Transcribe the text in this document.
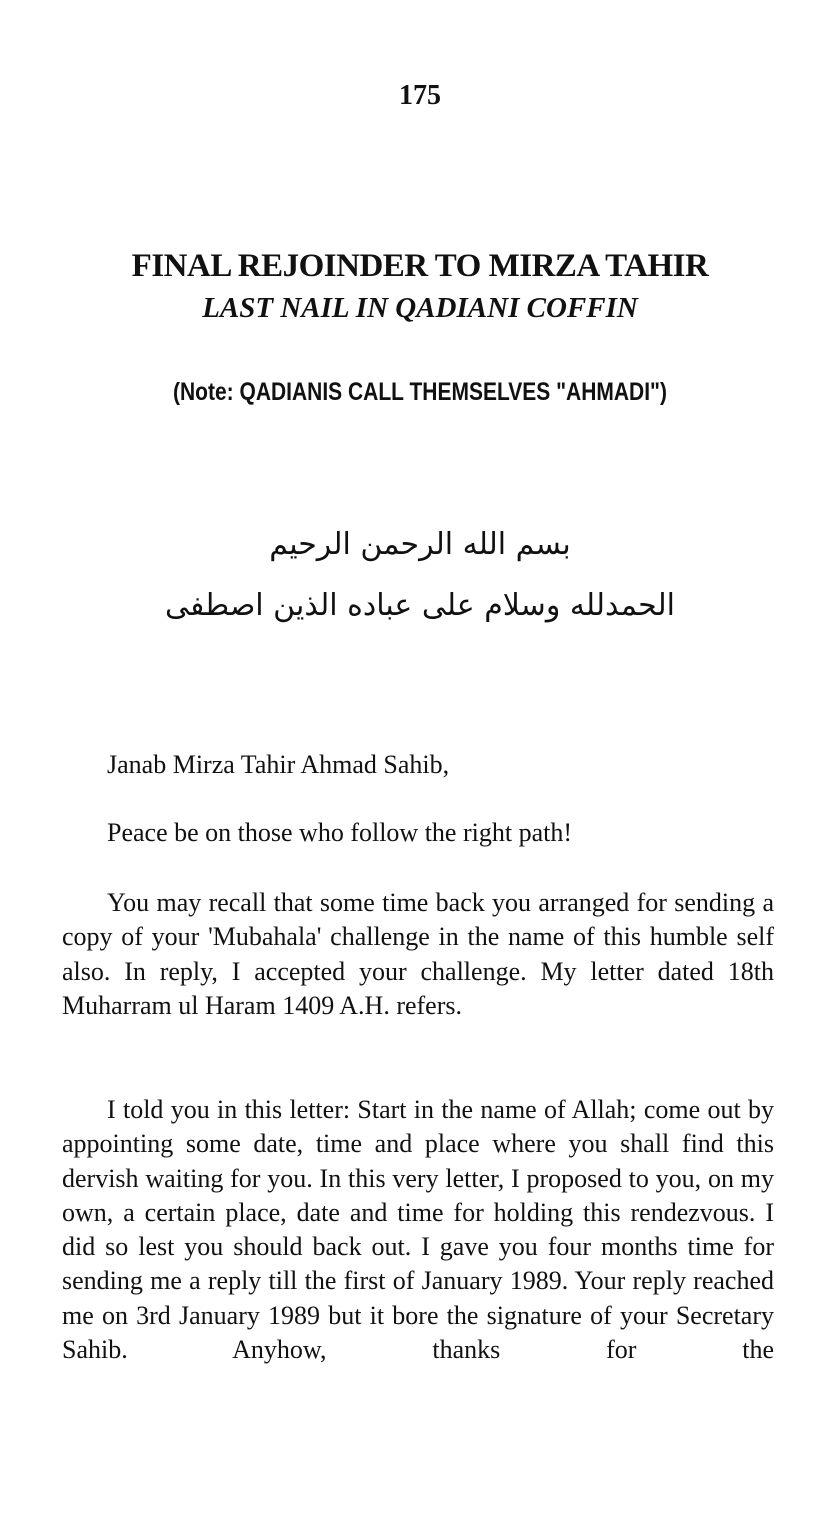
175
FINAL REJOINDER TO MIRZA TAHIR
LAST NAIL IN QADIANI COFFIN
(Note: QADIANIS CALL THEMSELVES "AHMADI")
بسم الله الرحمن الرحيم
الحمدلله وسلام على عباده الذين اصطفى
Janab Mirza Tahir Ahmad Sahib,
Peace be on those who follow the right path!
You may recall that some time back you arranged for sending a copy of your 'Mubahala' challenge in the name of this humble self also. In reply, I accepted your challenge. My letter dated 18th Muharram ul Haram 1409 A.H. refers.
I told you in this letter: Start in the name of Allah; come out by appointing some date, time and place where you shall find this dervish waiting for you. In this very letter, I proposed to you, on my own, a certain place, date and time for holding this rendezvous. I did so lest you should back out. I gave you four months time for sending me a reply till the first of January 1989. Your reply reached me on 3rd January 1989 but it bore the signature of your Secretary Sahib. Anyhow, thanks for the
